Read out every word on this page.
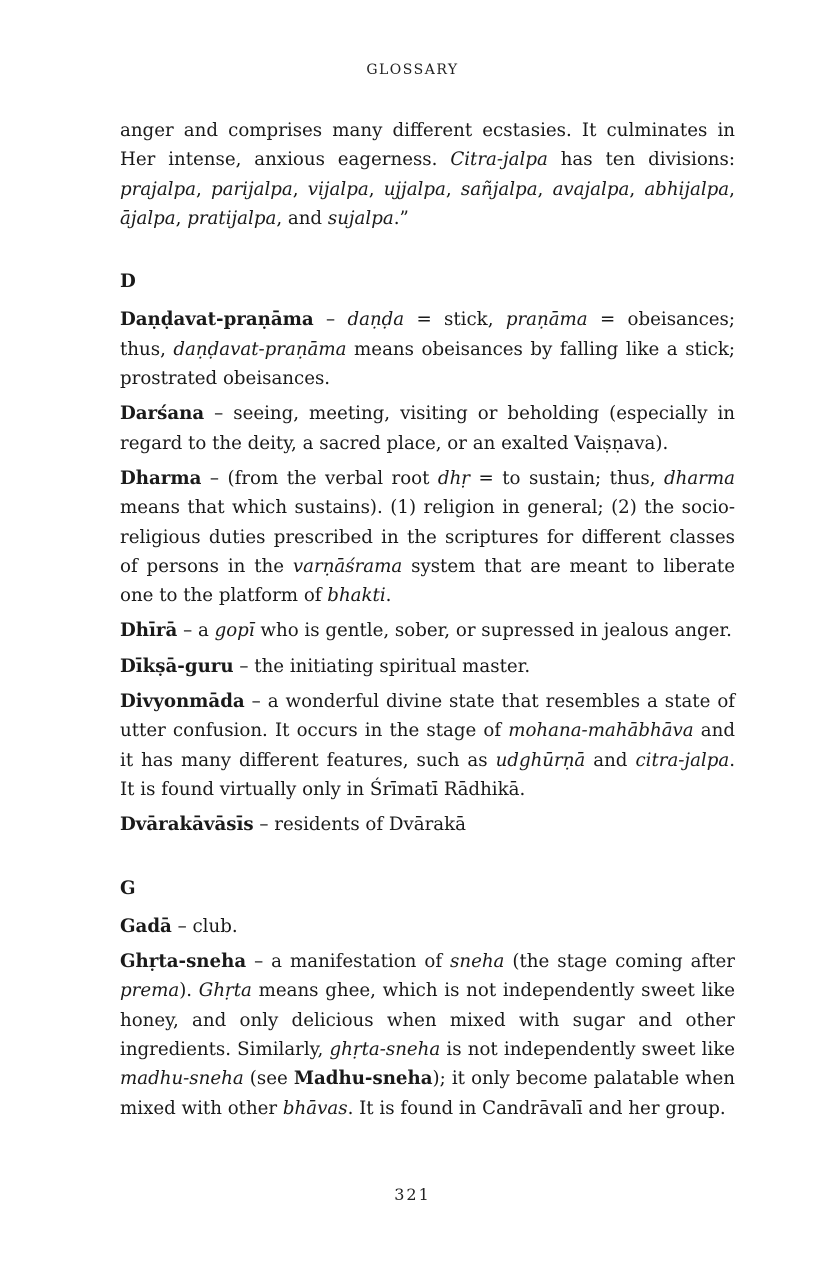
GLOSSARY

anger and comprises many different ecstasies. It culminates in Her intense, anxious eagerness. Citra-jalpa has ten divisions: prajalpa, parijalpa, vijalpa, ujjalpa, sañjalpa, avajalpa, abhijalpa, ājalpa, pratijalpa, and sujalpa.”

D

Daṇḍavat-praṇāma – daṇḍa = stick, praṇāma = obeisances; thus, daṇḍavat-praṇāma means obeisances by falling like a stick; prostrated obeisances.

Darśana – seeing, meeting, visiting or beholding (especially in regard to the deity, a sacred place, or an exalted Vaiṣṇava).

Dharma – (from the verbal root dhṛ = to sustain; thus, dharma means that which sustains). (1) religion in general; (2) the socio-religious duties prescribed in the scriptures for different classes of persons in the varṇāśrama system that are meant to liberate one to the platform of bhakti.

Dhīrā – a gopī who is gentle, sober, or supressed in jealous anger.

Dīkṣā-guru – the initiating spiritual master.

Divyonmāda – a wonderful divine state that resembles a state of utter confusion. It occurs in the stage of mohana-mahābhāva and it has many different features, such as udghūrṇā and citra-jalpa. It is found virtually only in Śrīmatī Rādhikā.

Dvārakāvāsīs – residents of Dvārakā

G

Gadā – club.

Ghṛta-sneha – a manifestation of sneha (the stage coming after prema). Ghṛta means ghee, which is not independently sweet like honey, and only delicious when mixed with sugar and other ingredients. Similarly, ghṛta-sneha is not independently sweet like madhu-sneha (see Madhu-sneha); it only become palatable when mixed with other bhāvas. It is found in Candrāvalī and her group.

321
